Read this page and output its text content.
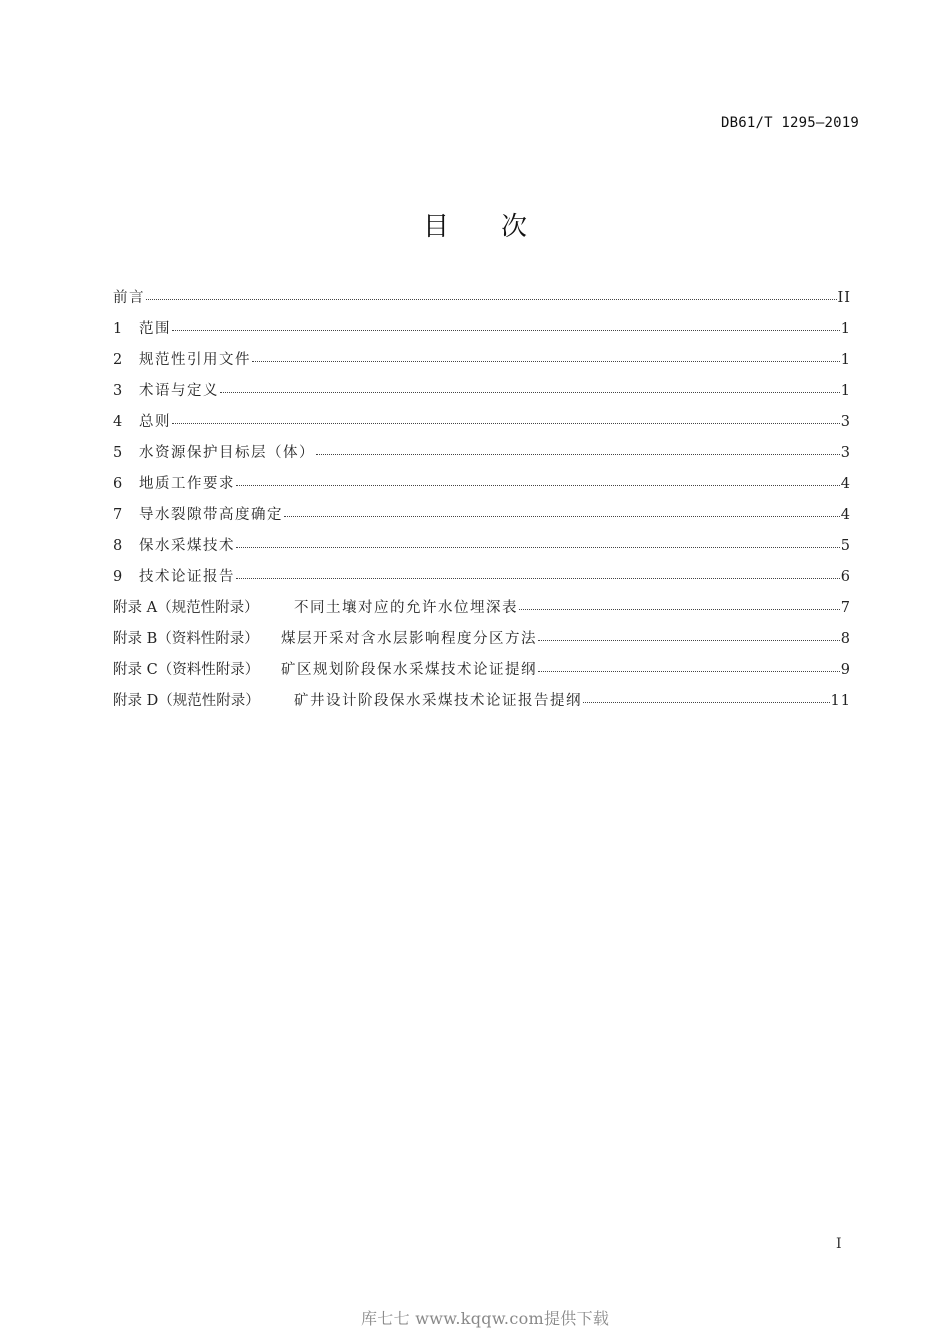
DB61/T 1295—2019
目 次
前言	II
1	范围	1
2	规范性引用文件	1
3	术语与定义	1
4	总则	3
5	水资源保护目标层（体）	3
6	地质工作要求	4
7	导水裂隙带高度确定	4
8	保水采煤技术	5
9	技术论证报告	6
附录 A（规范性附录）	不同土壤对应的允许水位埋深表	7
附录 B（资料性附录）	煤层开采对含水层影响程度分区方法	8
附录 C（资料性附录）	矿区规划阶段保水采煤技术论证提纲	9
附录 D（规范性附录）	矿井设计阶段保水采煤技术论证报告提纲	11
I
库七七 www.kqqw.com提供下载
